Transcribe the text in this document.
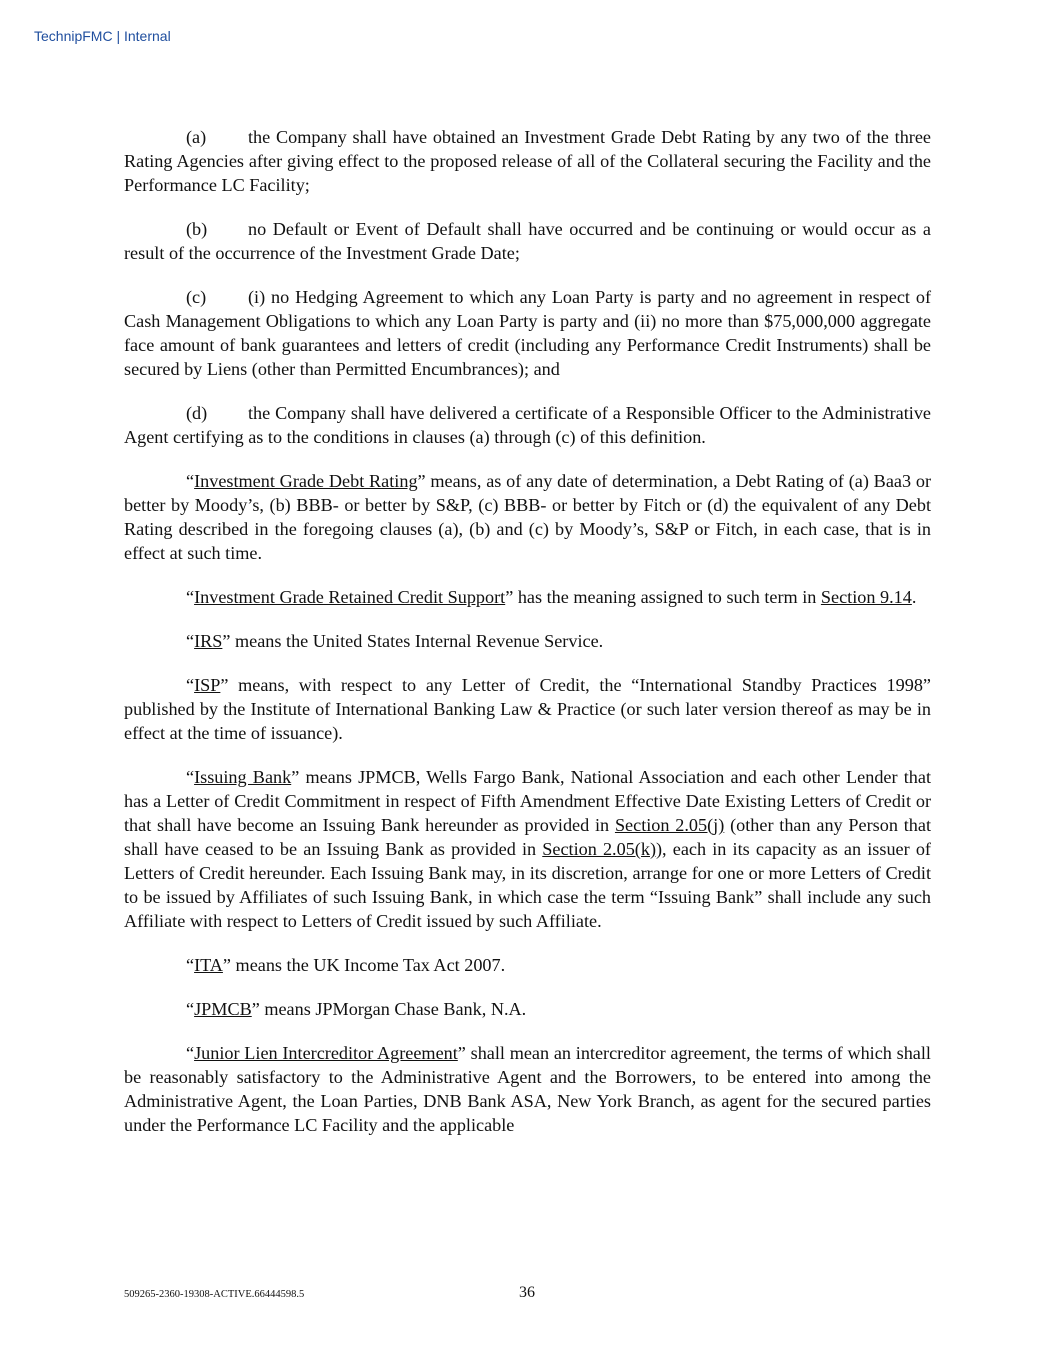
TechnipFMC | Internal

(a) the Company shall have obtained an Investment Grade Debt Rating by any two of the three Rating Agencies after giving effect to the proposed release of all of the Collateral securing the Facility and the Performance LC Facility;

(b) no Default or Event of Default shall have occurred and be continuing or would occur as a result of the occurrence of the Investment Grade Date;

(c) (i) no Hedging Agreement to which any Loan Party is party and no agreement in respect of Cash Management Obligations to which any Loan Party is party and (ii) no more than $75,000,000 aggregate face amount of bank guarantees and letters of credit (including any Performance Credit Instruments) shall be secured by Liens (other than Permitted Encumbrances); and

(d) the Company shall have delivered a certificate of a Responsible Officer to the Administrative Agent certifying as to the conditions in clauses (a) through (c) of this definition.

“Investment Grade Debt Rating” means, as of any date of determination, a Debt Rating of (a) Baa3 or better by Moody’s, (b) BBB- or better by S&P, (c) BBB- or better by Fitch or (d) the equivalent of any Debt Rating described in the foregoing clauses (a), (b) and (c) by Moody’s, S&P or Fitch, in each case, that is in effect at such time.

“Investment Grade Retained Credit Support” has the meaning assigned to such term in Section 9.14.

“IRS” means the United States Internal Revenue Service.

“ISP” means, with respect to any Letter of Credit, the “International Standby Practices 1998” published by the Institute of International Banking Law & Practice (or such later version thereof as may be in effect at the time of issuance).

“Issuing Bank” means JPMCB, Wells Fargo Bank, National Association and each other Lender that has a Letter of Credit Commitment in respect of Fifth Amendment Effective Date Existing Letters of Credit or that shall have become an Issuing Bank hereunder as provided in Section 2.05(j) (other than any Person that shall have ceased to be an Issuing Bank as provided in Section 2.05(k)), each in its capacity as an issuer of Letters of Credit hereunder. Each Issuing Bank may, in its discretion, arrange for one or more Letters of Credit to be issued by Affiliates of such Issuing Bank, in which case the term “Issuing Bank” shall include any such Affiliate with respect to Letters of Credit issued by such Affiliate.

“ITA” means the UK Income Tax Act 2007.

“JPMCB” means JPMorgan Chase Bank, N.A.

“Junior Lien Intercreditor Agreement” shall mean an intercreditor agreement, the terms of which shall be reasonably satisfactory to the Administrative Agent and the Borrowers, to be entered into among the Administrative Agent, the Loan Parties, DNB Bank ASA, New York Branch, as agent for the secured parties under the Performance LC Facility and the applicable

509265-2360-19308-ACTIVE.66444598.5	36
